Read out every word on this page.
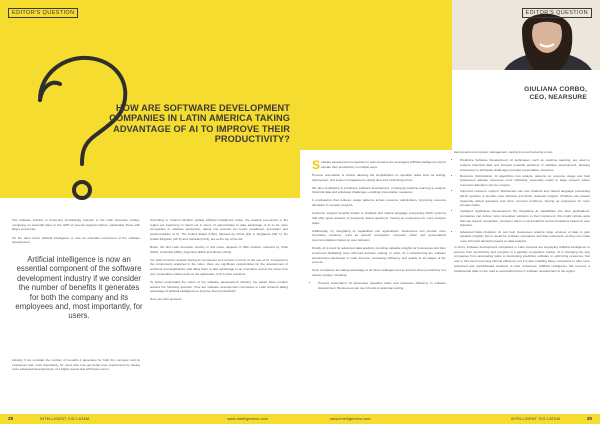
EDITOR'S QUESTION
HOW ARE SOFTWARE DEVELOPMENT COMPANIES IN LATIN AMERICA TAKING ADVANTAGE OF AI TO IMPROVE THEIR PRODUCTIVITY?

The software industry is becoming increasingly relevant in the Latin American market, occupying an essential place in the GDP of several regional nations, particularly those with larger economies.

On the other hand, artificial intelligence is now an essential component of the software development

Artificial intelligence is now an essential component of the software development industry if we consider the number of benefits it generates for both the company and its employees and, most importantly, for users.

industry if we consider the number of benefits it generates for both the company and its employees and, most importantly, for users who now get better user experiences by having more advanced developments, at a higher speed and with fewer errors.

According to ‘Informe Modelo’ update Artificial Intelligence Index, the leading economies in the region are beginning to stand out in terms of opportunities to take advantage of AI to be more competitive in software production, taking into account ten levels (readiness, innovation and implementation of AI. The United States (USA), followed by China (#1) to Singapore (SR 7), the United Kingdom (UK 8) and Canada (CA 9), are at the top of the list.

Brazil, the first Latin American country in this index, appears in 36th position, followed by Chile (53rd), Colombia (48th), Argentina (49th) and Mexico (51st).

For Latin America, despite having its economies at a turnout in terms of the use of AI, compared to the components analyzed in the index, there are significant opportunities for the development of solutions and applications that allow them to take advantage of an innovative and at the same time very competitive market such as the application of AI in their solutions.

To better understand the vision of the software development industry, we asked three modern leaders the following question: How are software development companies in Latin America taking advantage of artificial intelligence to improve their productivity?

Here are their answers.

28	INTELLIGENT CIO LATAM	www.intelligentcio.com
EDITOR'S QUESTION
GIULIANA CORBO,
CEO, NEARSURE

Software development companies in Latin America are leveraging artificial intelligence (AI) to elevate their productivity in multiple ways.

Process automation is critical, allowing the simplification of repetitive tasks such as testing, deployment, and system management, saving time and minimizing errors.

We also emphasize in predictive software development, employing machine learning to analyze historical data and anticipate challenges, enabling preventative measures.

It emphasizes that reduces usage patterns across resource optimization, improving resource allocation in complex projects.

Customer support benefits thanks to chatbots and natural language processing (NLP) systems that offer quick answers to frequently asked questions, freeing up employees for more complex tasks.

Additionally, by integrating AI capabilities into applications, businesses can provide more innovative solutions, such as speech recognition, computer vision and personalized recommendations based on user behavior.

Finally, AI is used for advanced data analysis, providing valuable insights for businesses and their customers facilitating more informed decision making. In short, AI is transforming the software development landscape in Latin America, increasing efficiency and quality at all stages of the process.

Such companies are taking advantage of all these strategies and so improve their productivity in a variety of ways, including:

• Process Automation: AI automates repetitive tasks and enhances efficiency in software development. Businesses can use AI tools to automate testing,

deployments and system management, saving time and reducing errors.

• Predictive Software Development: AI techniques, such as machine learning, are used to analyze historical data and forecast potential problems in software development, allowing businesses to anticipate challenges and take preventative measures.
• Resource Optimization: AI algorithms can analyze patterns on resource usage and help businesses allocate resources more efficiently, especially useful in large projects where resources allocation can be complex.
• Improved customer support: Businesses can use chatbots and natural language processing (NLP) systems to provide more effective and faster customer support. Chatbots can answer frequently asked questions and solve common problems, freeing up employees for more complex tasks.
• Intelligent Application Development: By integrating AI capabilities into their applications, companies can deliver more innovative solutions to their customers; this could include apps that use speech recognition, computer vision or personalized recommendations based on user behavior.
• Advanced Data Analytics: AI can help businesses analyze large volumes of data to gain valuable insights; this is useful for software companies and their customers, as they can make more informed decisions based on data analysis.

In short, software development companies in Latin America are employing artificial intelligence to improve their productivity and compete in a globally competitive market. AI is changing the way companies from automating tasks to developing predictive software to optimizing resources. Not only is this trend improving internal efficiency, but it is also enabling these companies to offer more advanced and sophisticated solutions to their customers. Artificial intelligence has become a fundamental pillar on the road to successful future in software development in the region.

www.intelligentcio.com	INTELLIGENT CIO LATAM	29
